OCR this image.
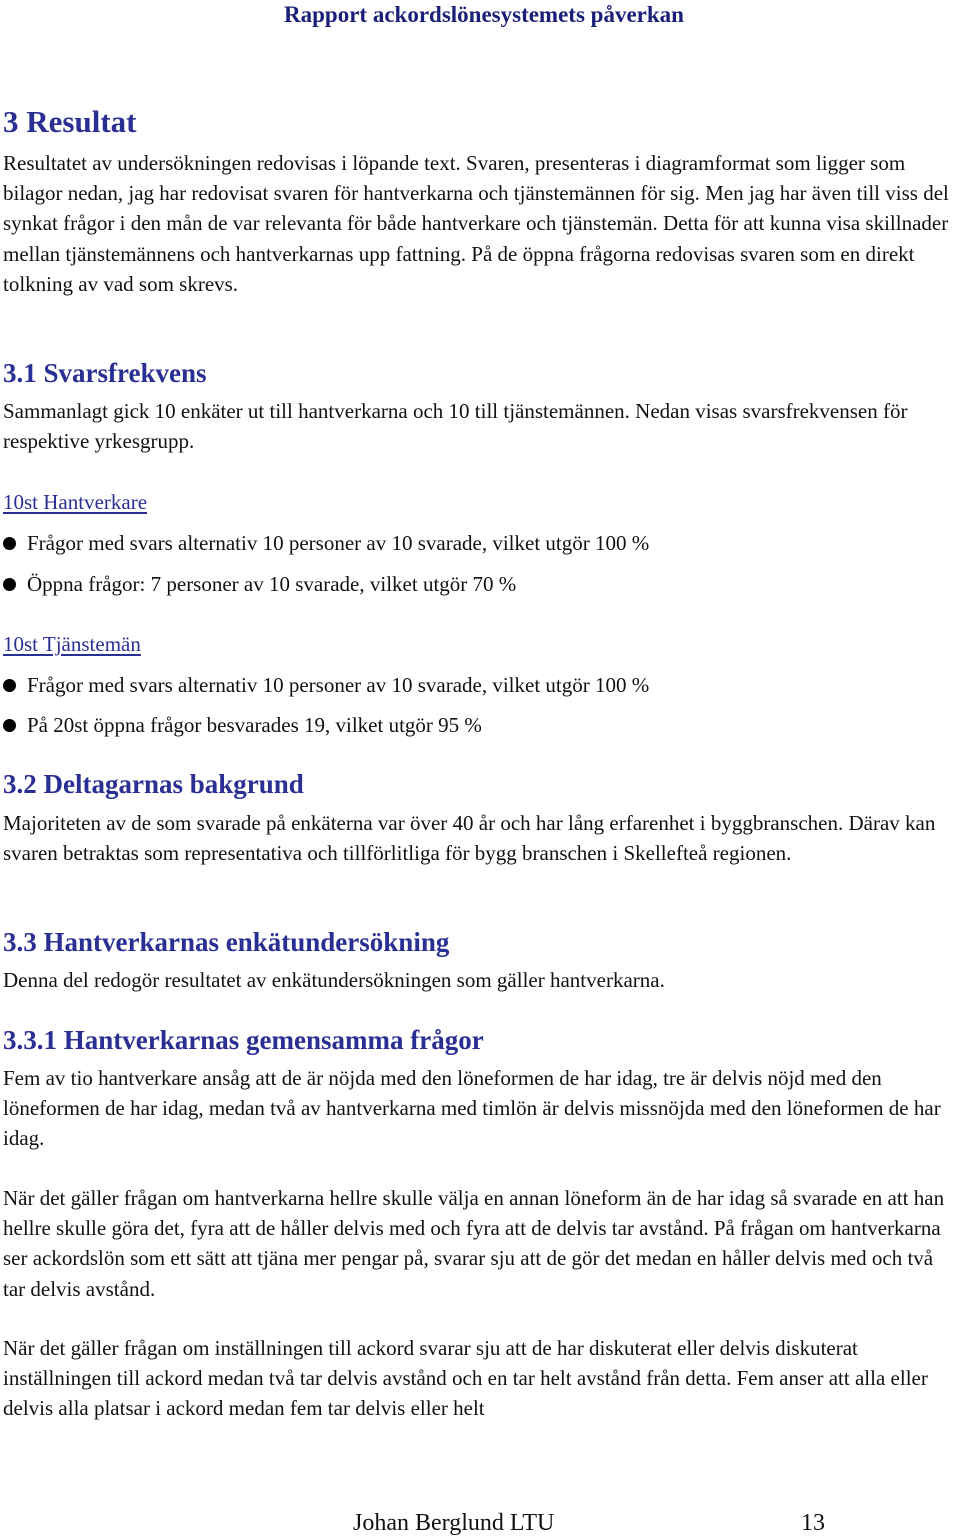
Rapport ackordslönesystemets påverkan
3 Resultat

Resultatet av undersökningen redovisas i löpande text. Svaren, presenteras i diagramformat som ligger som bilagor nedan, jag har redovisat svaren för hantverkarna och tjänstemännen för sig. Men jag har även till viss del synkat frågor i den mån de var relevanta för både hantverkare och tjänstemän. Detta för att kunna visa skillnader mellan tjänstemännens och hantverkarnas upp fattning. På de öppna frågorna redovisas svaren som en direkt tolkning av vad som skrevs.

3.1 Svarsfrekvens

Sammanlagt gick 10 enkäter ut till hantverkarna och 10 till tjänstemännen. Nedan visas svarsfrekvensen för respektive yrkesgrupp.

10st Hantverkare
Frågor med svars alternativ 10 personer av 10 svarade, vilket utgör 100 %
Öppna frågor: 7 personer av 10 svarade, vilket utgör 70 %
10st Tjänstemän
Frågor med svars alternativ 10 personer av 10 svarade, vilket utgör 100 %
På 20st öppna frågor besvarades 19, vilket utgör 95 %
3.2 Deltagarnas bakgrund

Majoriteten av de som svarade på enkäterna var över 40 år och har lång erfarenhet i byggbranschen. Därav kan svaren betraktas som representativa och tillförlitliga för bygg branschen i Skellefteå regionen.

3.3 Hantverkarnas enkätundersökning

Denna del redogör resultatet av enkätundersökningen som gäller hantverkarna.

3.3.1 Hantverkarnas gemensamma frågor

Fem av tio hantverkare ansåg att de är nöjda med den löneformen de har idag, tre är delvis nöjd med den löneformen de har idag, medan två av hantverkarna med timlön är delvis missnöjda med den löneformen de har idag.

När det gäller frågan om hantverkarna hellre skulle välja en annan löneform än de har idag så svarade en att han hellre skulle göra det, fyra att de håller delvis med och fyra att de delvis tar avstånd. På frågan om hantverkarna ser ackordslön som ett sätt att tjäna mer pengar på, svarar sju att de gör det medan en håller delvis med och två tar delvis avstånd.

När det gäller frågan om inställningen till ackord svarar sju att de har diskuterat eller delvis diskuterat inställningen till ackord medan två tar delvis avstånd och en tar helt avstånd från detta. Fem anser att alla eller delvis alla platsar i ackord medan fem tar delvis eller helt

Johan Berglund LTU	13
